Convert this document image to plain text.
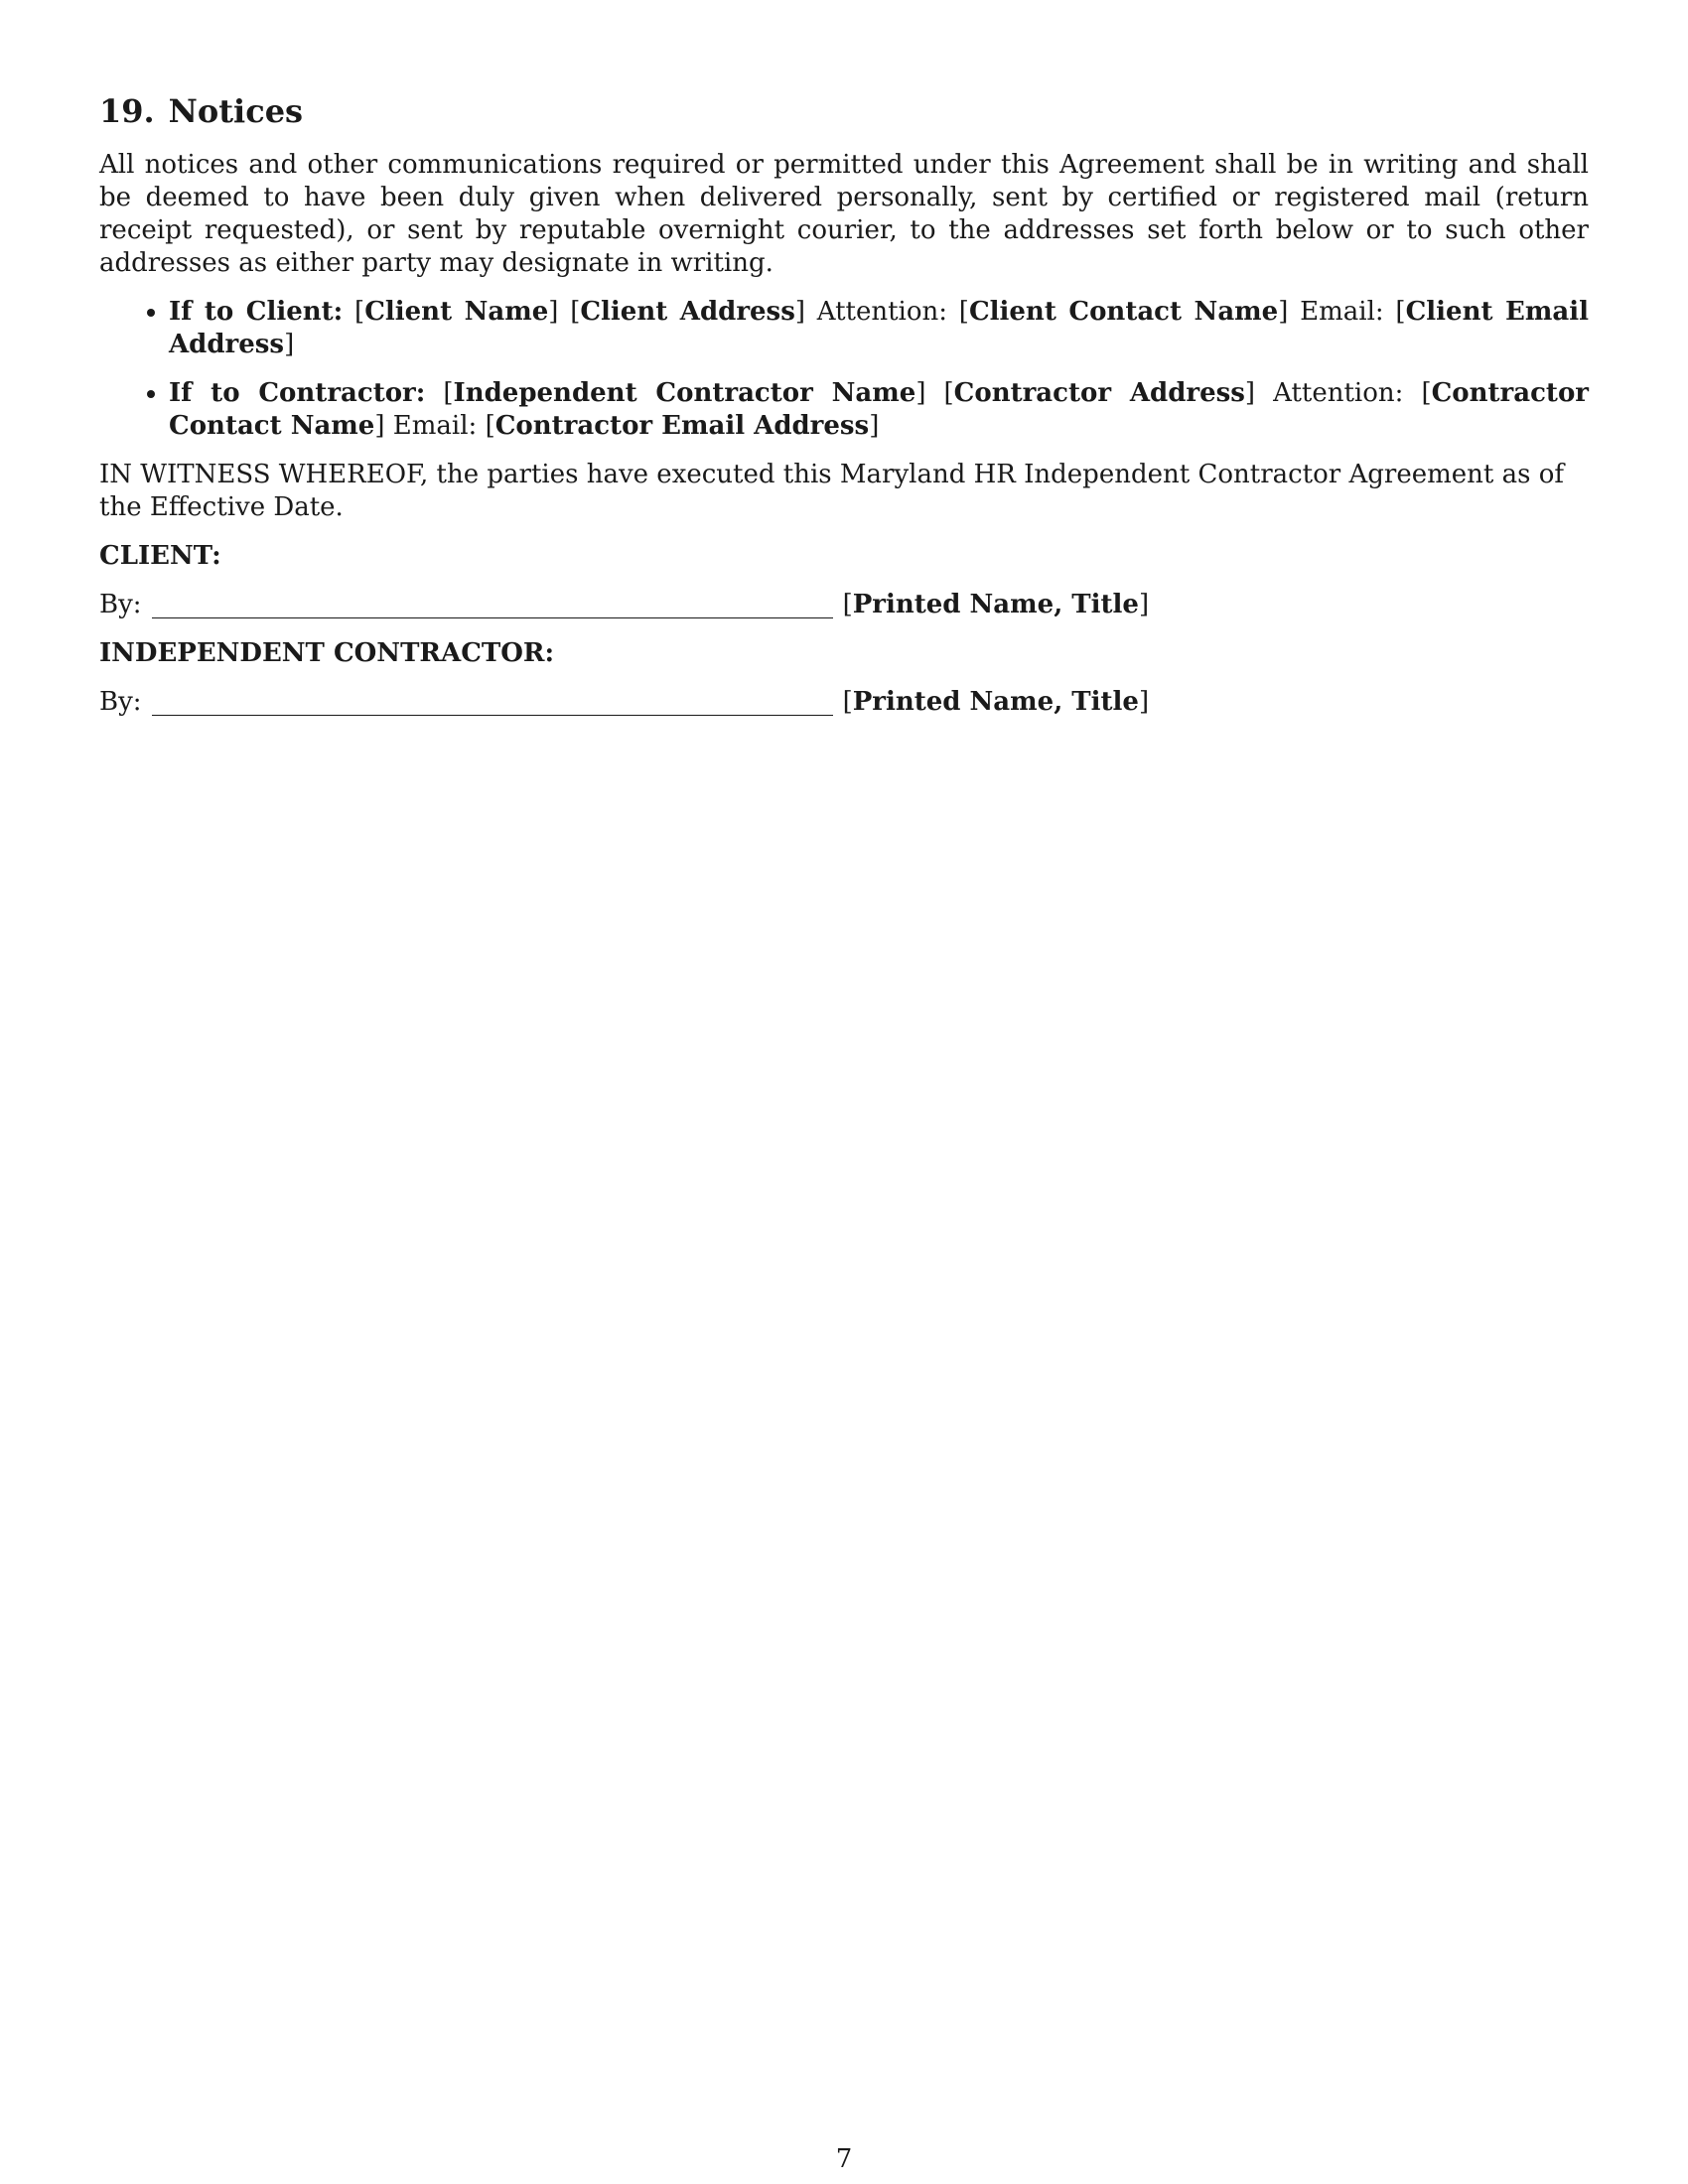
19. Notices

All notices and other communications required or permitted under this Agreement shall be in writing and shall be deemed to have been duly given when delivered personally, sent by certified or registered mail (return receipt requested), or sent by reputable overnight courier, to the addresses set forth below or to such other addresses as either party may designate in writing.

• If to Client: [Client Name] [Client Address] Attention: [Client Contact Name] Email: [Client Email Address]
• If to Contractor: [Independent Contractor Name] [Contractor Address] Attention: [Contractor Contact Name] Email: [Contractor Email Address]

IN WITNESS WHEREOF, the parties have executed this Maryland HR Independent Contractor Agreement as of the Effective Date.

CLIENT:
By:	[Printed Name, Title]
INDEPENDENT CONTRACTOR:
By:	[Printed Name, Title]
7
